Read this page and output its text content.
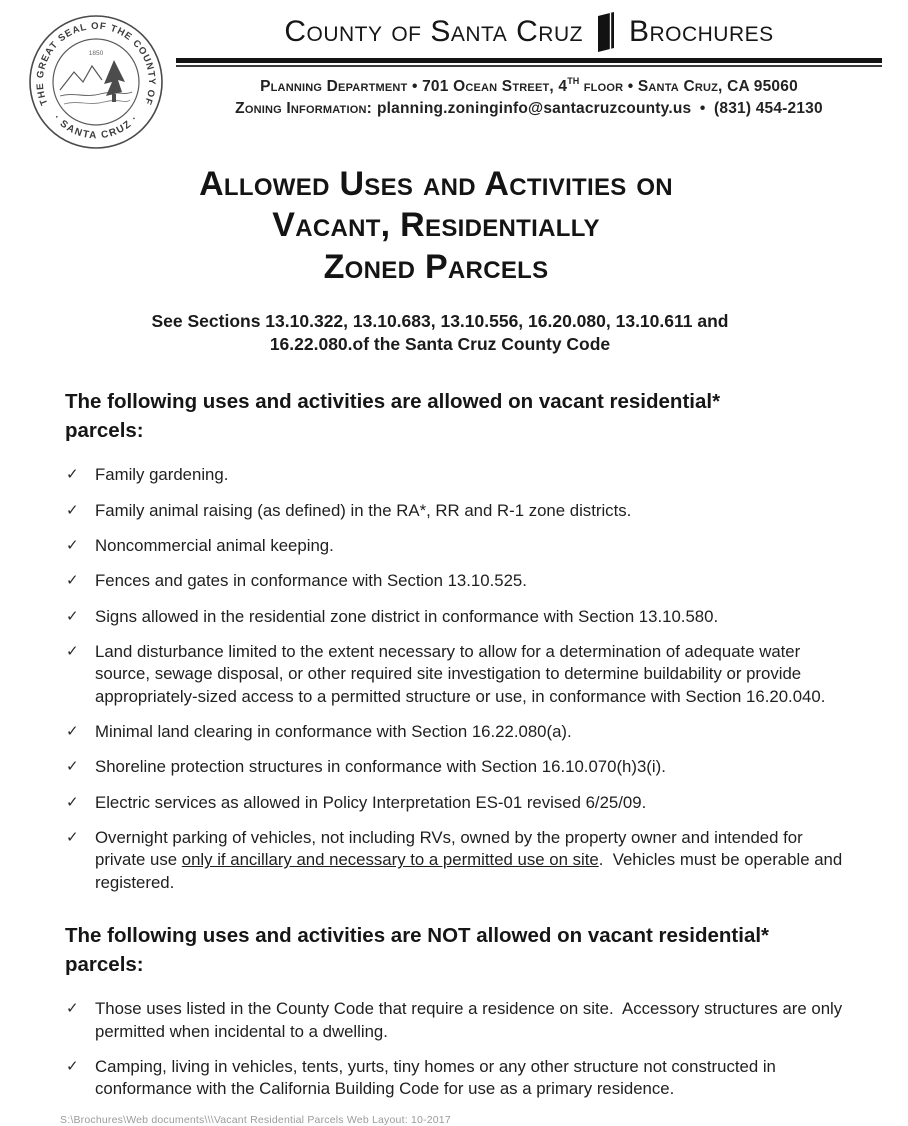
THE GREAT SEAL OF THE COUNTY OF
· SANTA CRUZ ·
1850
County of Santa Cruz Brochures
Planning Department • 701 Ocean Street, 4TH floor • Santa Cruz, CA 95060
Zoning Information: planning.zoninginfo@santacruzcounty.us • (831) 454-2130
Allowed Uses and Activities on
Vacant, Residentially
Zoned Parcels
See Sections 13.10.322, 13.10.683, 13.10.556, 16.20.080, 13.10.611 and
16.22.080.of the Santa Cruz County Code
The following uses and activities are allowed on vacant residential*
parcels:
✓ Family gardening.
✓ Family animal raising (as defined) in the RA*, RR and R-1 zone districts.
✓ Noncommercial animal keeping.
✓ Fences and gates in conformance with Section 13.10.525.
✓ Signs allowed in the residential zone district in conformance with Section 13.10.580.
✓ Land disturbance limited to the extent necessary to allow for a determination of adequate water source, sewage disposal, or other required site investigation to determine buildability or provide appropriately-sized access to a permitted structure or use, in conformance with Section 16.20.040.
✓ Minimal land clearing in conformance with Section 16.22.080(a).
✓ Shoreline protection structures in conformance with Section 16.10.070(h)3(i).
✓ Electric services as allowed in Policy Interpretation ES-01 revised 6/25/09.
✓ Overnight parking of vehicles, not including RVs, owned by the property owner and intended for private use only if ancillary and necessary to a permitted use on site.  Vehicles must be operable and registered.
The following uses and activities are NOT allowed on vacant residential*
parcels:
✓ Those uses listed in the County Code that require a residence on site.  Accessory structures are only permitted when incidental to a dwelling.
✓ Camping, living in vehicles, tents, yurts, tiny homes or any other structure not constructed in conformance with the California Building Code for use as a primary residence.
S:\Brochures\Web documents\\\Vacant Residential Parcels Web Layout: 10-2017
